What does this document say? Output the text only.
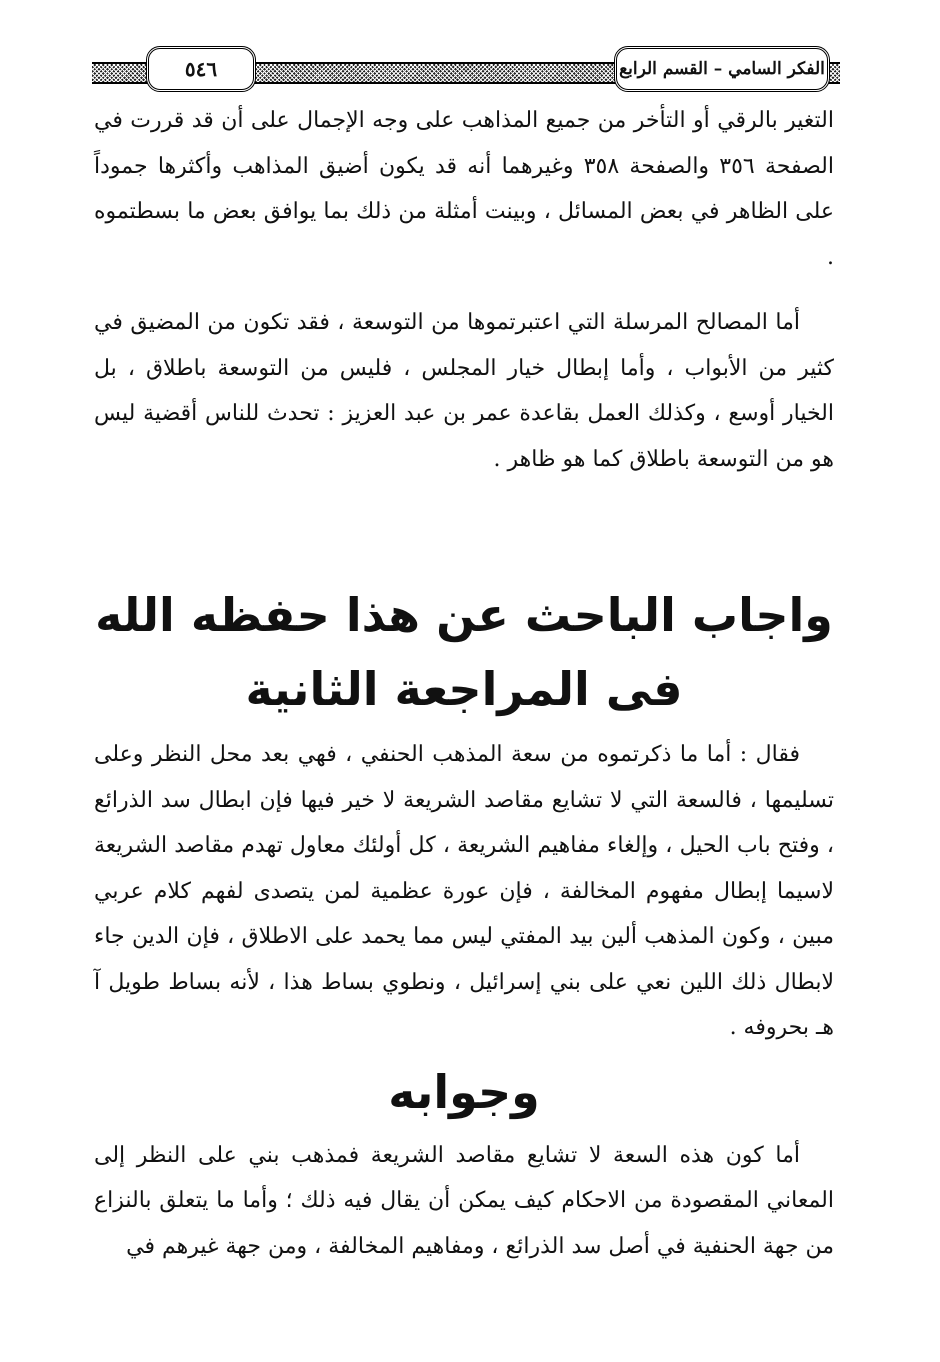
الفكر السامي – القسم الرابع
٥٤٦

التغير بالرقي أو التأخر من جميع المذاهب على وجه الإجمال على أن قد قررت في الصفحة ٣٥٦ والصفحة ٣٥٨ وغيرهما أنه قد يكون أضيق المذاهب وأكثرها جموداً على الظاهر في بعض المسائل ، وبينت أمثلة من ذلك بما يوافق بعض ما بسطتموه .

أما المصالح المرسلة التي اعتبرتموها من التوسعة ، فقد تكون من المضيق في كثير من الأبواب ، وأما إبطال خيار المجلس ، فليس من التوسعة باطلاق ، بل الخيار أوسع ، وكذلك العمل بقاعدة عمر بن عبد العزيز : تحدث للناس أقضية ليس هو من التوسعة باطلاق كما هو ظاهر .

واجاب الباحث عن هذا حفظه الله فى المراجعة الثانية

فقال : أما ما ذكرتموه من سعة المذهب الحنفي ، فهي بعد محل النظر وعلى تسليمها ، فالسعة التي لا تشايع مقاصد الشريعة لا خير فيها فإن ابطال سد الذرائع ، وفتح باب الحيل ، وإلغاء مفاهيم الشريعة ، كل أولئك معاول تهدم مقاصد الشريعة لاسيما إبطال مفهوم المخالفة ، فإن عورة عظمية لمن يتصدى لفهم كلام عربي مبين ، وكون المذهب ألين بيد المفتي ليس مما يحمد على الاطلاق ، فإن الدين جاء لابطال ذلك اللين نعي على بني إسرائيل ، ونطوي بساط هذا ، لأنه بساط طويل آ هـ بحروفه .

وجوابه

أما كون هذه السعة لا تشايع مقاصد الشريعة فمذهب بني على النظر إلى المعاني المقصودة من الاحكام كيف يمكن أن يقال فيه ذلك ؛ وأما ما يتعلق بالنزاع من جهة الحنفية في أصل سد الذرائع ، ومفاهيم المخالفة ، ومن جهة غيرهم في
